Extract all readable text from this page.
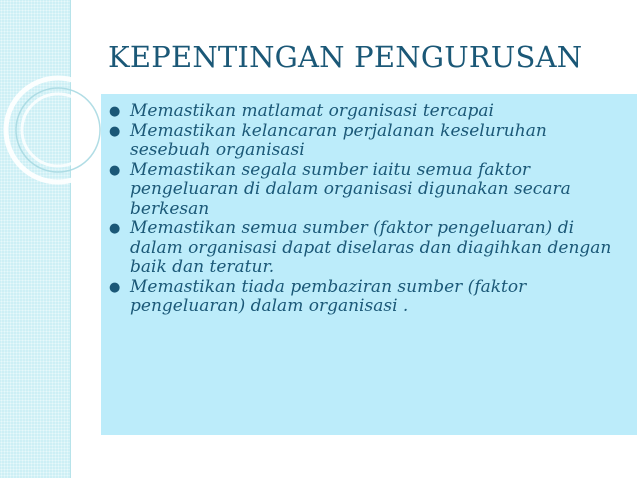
KEPENTINGAN PENGURUSAN
● Memastikan matlamat organisasi tercapai
● Memastikan kelancaran perjalanan keseluruhan sesebuah organisasi
● Memastikan segala sumber iaitu semua faktor pengeluaran di dalam organisasi digunakan secara berkesan
● Memastikan semua sumber (faktor pengeluaran) di dalam organisasi dapat diselaras dan diagihkan dengan baik dan teratur.
● Memastikan tiada pembaziran sumber (faktor pengeluaran) dalam organisasi .
